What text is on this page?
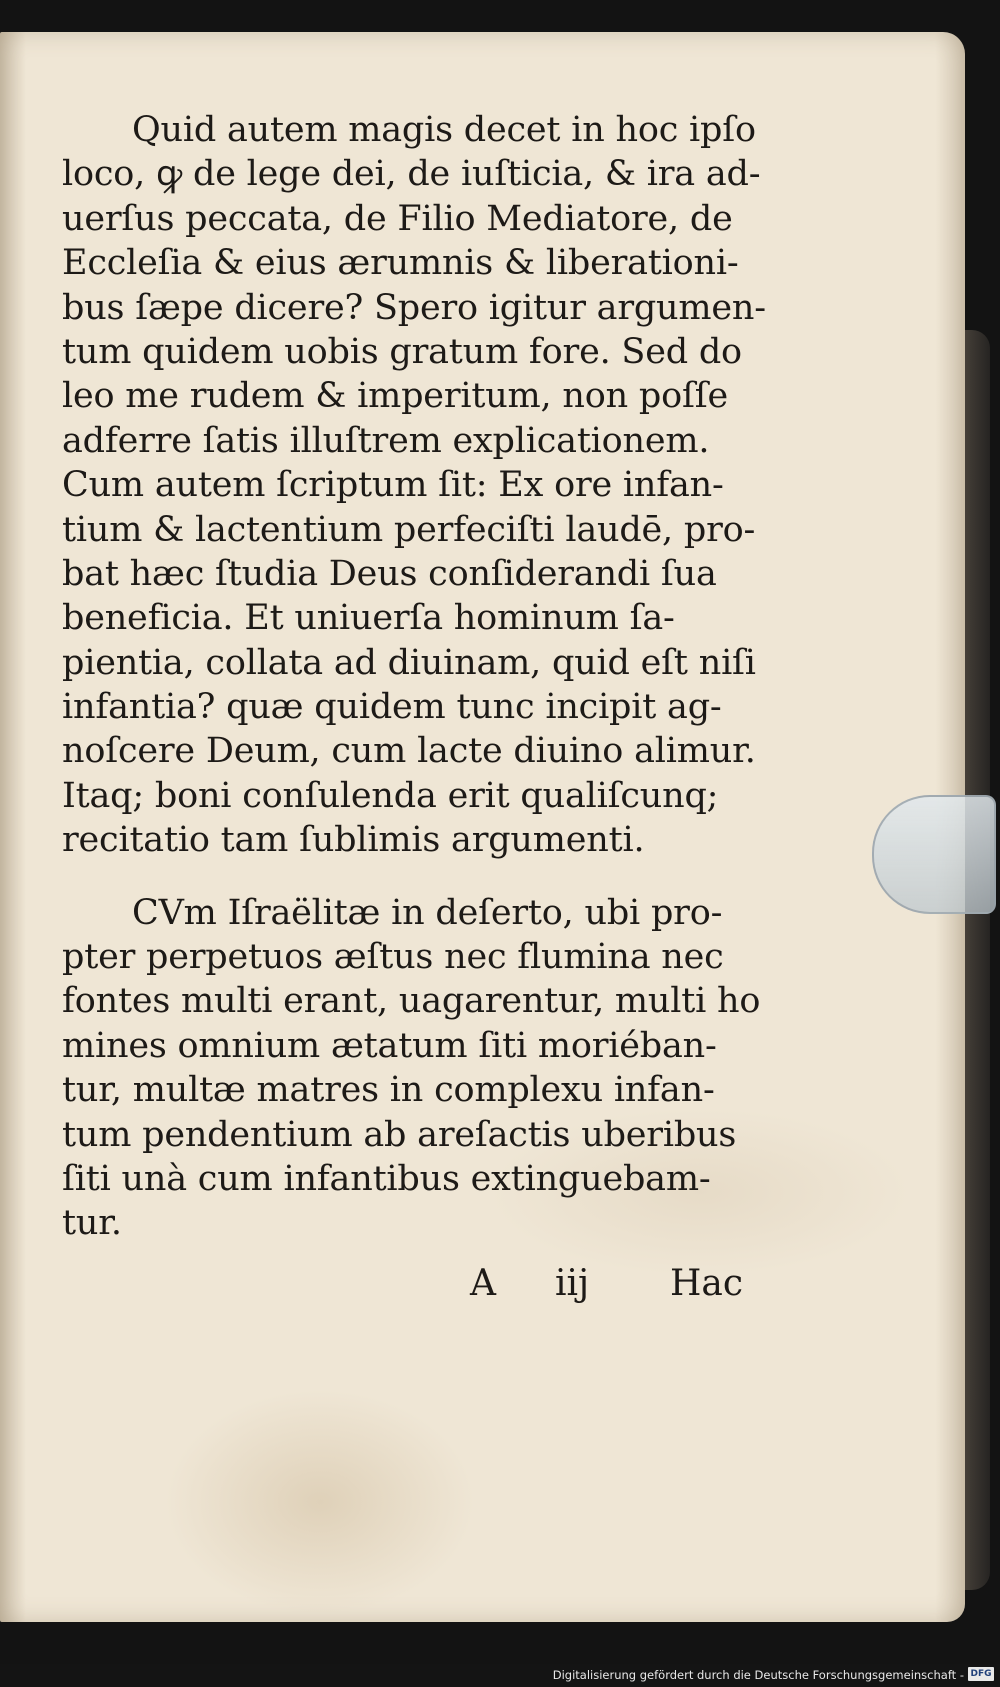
Quid autem magis decet in hoc ipſo
loco, ꝙ de lege dei, de iuſticia, & ira ad-
uerſus peccata, de Filio Mediatore, de
Eccleſia & eius ærumnis & liberationi-
bus ſæpe dicere? Spero igitur argumen-
tum quidem uobis gratum fore. Sed do
leo me rudem & imperitum, non poſſe
adferre ſatis illuſtrem explicationem.
Cum autem ſcriptum ſit: Ex ore infan-
tium & lactentium perfeciſti laudē, pro-
bat hæc ſtudia Deus conſiderandi ſua
beneficia. Et uniuerſa hominum ſa-
pientia, collata ad diuinam, quid eſt niſi
infantia? quæ quidem tunc incipit ag-
noſcere Deum, cum lacte diuino alimur.
Itaq; boni conſulenda erit qualiſcunq;
recitatio tam ſublimis argumenti.
CVm Iſraëlitæ in deſerto, ubi pro-
pter perpetuos æſtus nec flumina nec
fontes multi erant, uagarentur, multi ho
mines omnium ætatum ſiti moriéban-
tur, multæ matres in complexu infan-
tum pendentium ab areſactis uberibus
ſiti unà cum infantibus extinguebam-
tur.
A iij Hac
Digitalisierung gefördert durch die Deutsche Forschungsgemeinschaft - DFG
